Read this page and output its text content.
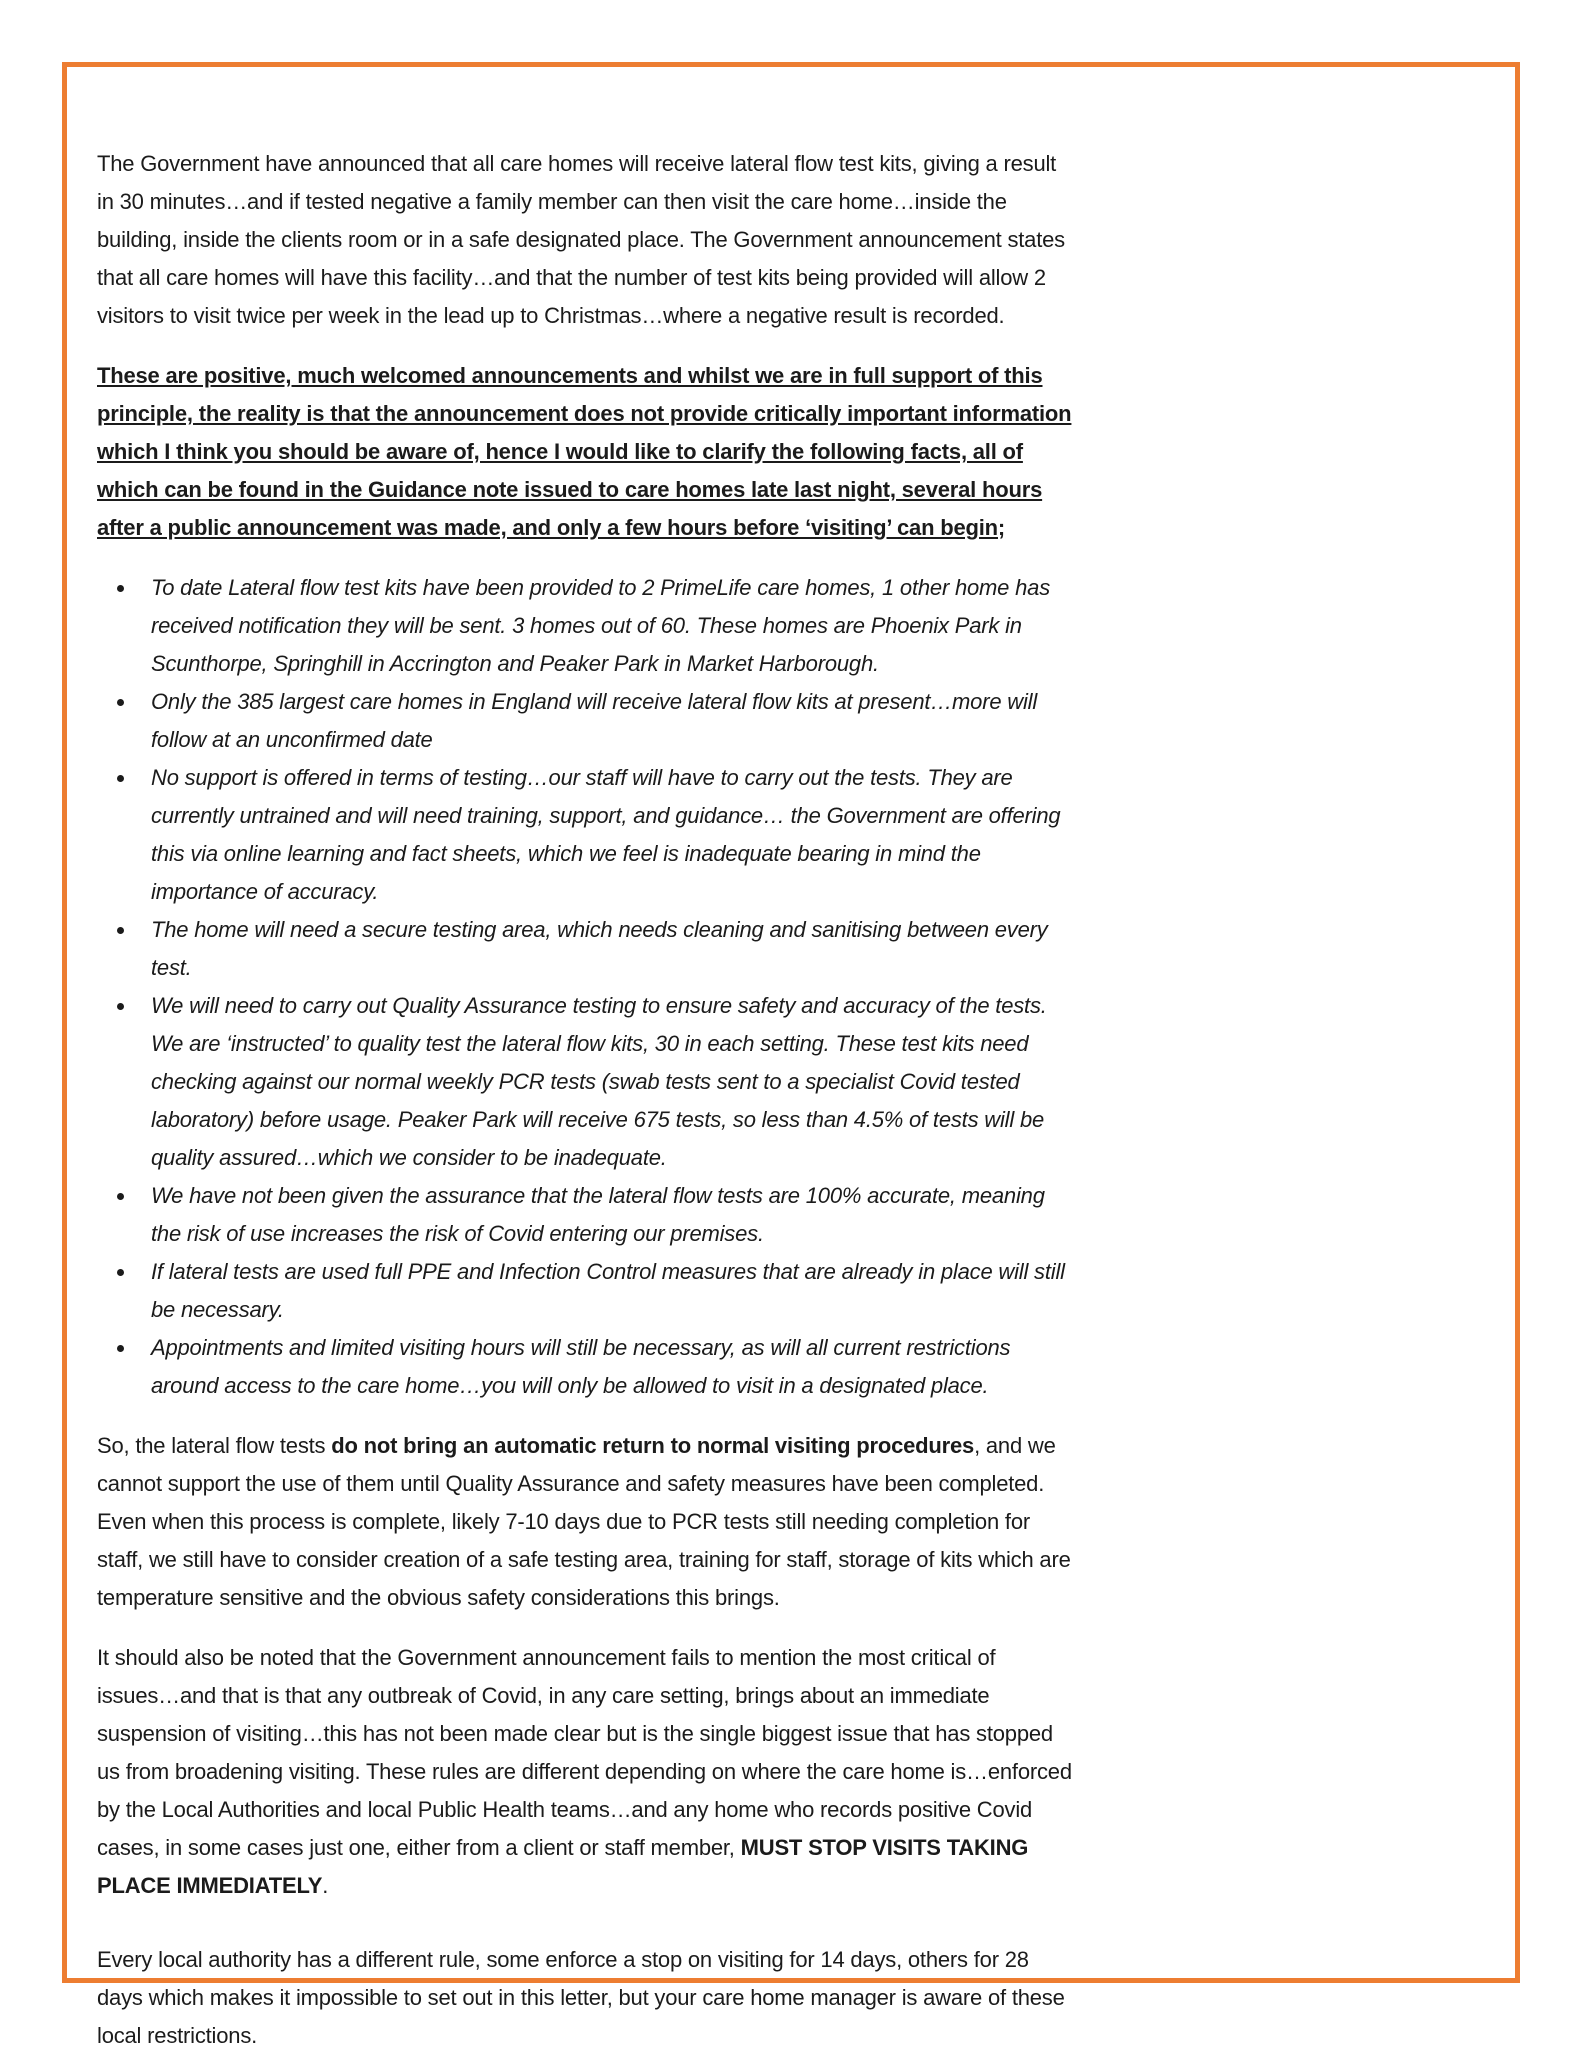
The Government have announced that all care homes will receive lateral flow test kits, giving a result in 30 minutes…and if tested negative a family member can then visit the care home…inside the building, inside the clients room or in a safe designated place. The Government announcement states that all care homes will have this facility…and that the number of test kits being provided will allow 2 visitors to visit twice per week in the lead up to Christmas…where a negative result is recorded.

These are positive, much welcomed announcements and whilst we are in full support of this principle, the reality is that the announcement does not provide critically important information which I think you should be aware of, hence I would like to clarify the following facts, all of which can be found in the Guidance note issued to care homes late last night, several hours after a public announcement was made, and only a few hours before ‘visiting’ can begin;

• To date Lateral flow test kits have been provided to 2 PrimeLife care homes, 1 other home has received notification they will be sent. 3 homes out of 60. These homes are Phoenix Park in Scunthorpe, Springhill in Accrington and Peaker Park in Market Harborough.
• Only the 385 largest care homes in England will receive lateral flow kits at present…more will follow at an unconfirmed date
• No support is offered in terms of testing…our staff will have to carry out the tests. They are currently untrained and will need training, support, and guidance… the Government are offering this via online learning and fact sheets, which we feel is inadequate bearing in mind the importance of accuracy.
• The home will need a secure testing area, which needs cleaning and sanitising between every test.
• We will need to carry out Quality Assurance testing to ensure safety and accuracy of the tests. We are ‘instructed’ to quality test the lateral flow kits, 30 in each setting. These test kits need checking against our normal weekly PCR tests (swab tests sent to a specialist Covid tested laboratory) before usage. Peaker Park will receive 675 tests, so less than 4.5% of tests will be quality assured…which we consider to be inadequate.
• We have not been given the assurance that the lateral flow tests are 100% accurate, meaning the risk of use increases the risk of Covid entering our premises.
• If lateral tests are used full PPE and Infection Control measures that are already in place will still be necessary.
• Appointments and limited visiting hours will still be necessary, as will all current restrictions around access to the care home…you will only be allowed to visit in a designated place.

So, the lateral flow tests do not bring an automatic return to normal visiting procedures, and we cannot support the use of them until Quality Assurance and safety measures have been completed. Even when this process is complete, likely 7-10 days due to PCR tests still needing completion for staff, we still have to consider creation of a safe testing area, training for staff, storage of kits which are temperature sensitive and the obvious safety considerations this brings.

It should also be noted that the Government announcement fails to mention the most critical of issues…and that is that any outbreak of Covid, in any care setting, brings about an immediate suspension of visiting…this has not been made clear but is the single biggest issue that has stopped us from broadening visiting. These rules are different depending on where the care home is…enforced by the Local Authorities and local Public Health teams…and any home who records positive Covid cases, in some cases just one, either from a client or staff member, MUST STOP VISITS TAKING PLACE IMMEDIATELY.

Every local authority has a different rule, some enforce a stop on visiting for 14 days, others for 28 days which makes it impossible to set out in this letter, but your care home manager is aware of these local restrictions.
